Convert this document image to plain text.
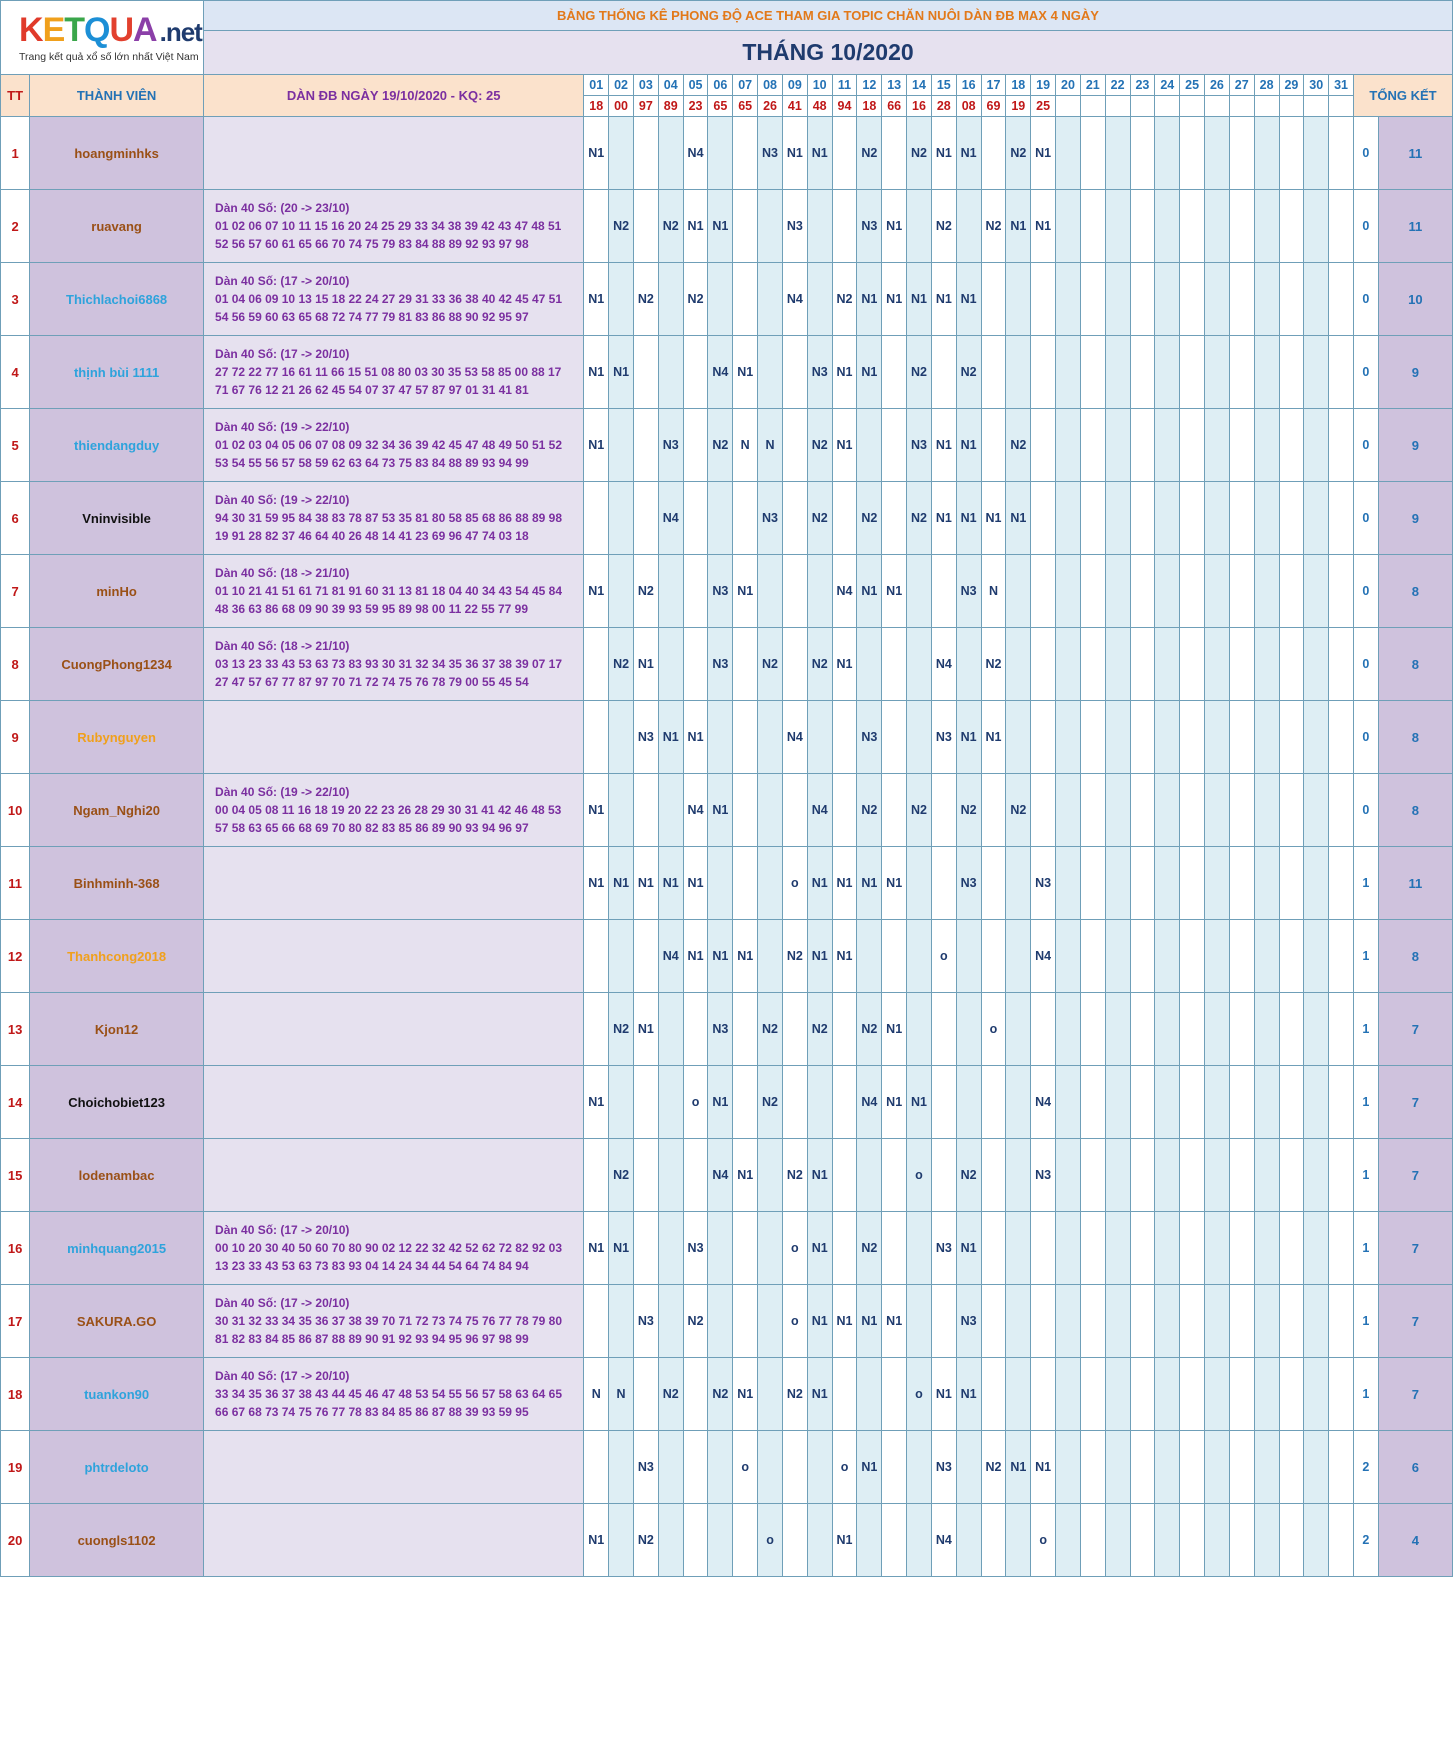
KETQUA .net
Trang kết quả xổ số lớn nhất Việt Nam		BẢNG THỐNG KÊ PHONG ĐỘ ACE THAM GIA TOPIC CHĂN NUÔI DÀN ĐB MAX 4 NGÀY																																	
		THÁNG 10/2020																																	
TT	THÀNH VIÊN	DÀN ĐB NGÀY 19/10/2020 - KQ: 25	01	02	03	04	05	06	07	08	09	10	11	12	13	14	15	16	17	18	19	20	21	22	23	24	25	26	27	28	29	30	31	TỔNG KẾT	
			18	00	97	89	23	65	65	26	41	48	94	18	66	16	28	08	69	19	25														
1	hoangminhks		N1				N4			N3	N1	N1		N2		N2	N1	N1		N2	N1													0	11
2	ruavang	Dàn 40 Số: (20 -> 23/10)
01 02 06 07 10 11 15 16 20 24 25 29 33 34 38 39 42 43 47 48 51
52 56 57 60 61 65 66 70 74 75 79 83 84 88 89 92 93 97 98		N2		N2	N1	N1			N3			N3	N1		N2		N2	N1	N1													0	11
3	Thichlachoi6868	Dàn 40 Số: (17 -> 20/10)
01 04 06 09 10 13 15 18 22 24 27 29 31 33 36 38 40 42 45 47 51
54 56 59 60 63 65 68 72 74 77 79 81 83 86 88 90 92 95 97	N1		N2		N2				N4		N2	N1	N1	N1	N1	N1																0	10
4	thịnh bùi 1111	Dàn 40 Số: (17 -> 20/10)
27 72 22 77 16 61 11 66 15 51 08 80 03 30 35 53 58 85 00 88 17
71 67 76 12 21 26 62 45 54 07 37 47 57 87 97 01 31 41 81	N1	N1				N4	N1			N3	N1	N1		N2		N2																0	9
5	thiendangduy	Dàn 40 Số: (19 -> 22/10)
01 02 03 04 05 06 07 08 09 32 34 36 39 42 45 47 48 49 50 51 52
53 54 55 56 57 58 59 62 63 64 73 75 83 84 88 89 93 94 99	N1			N3		N2	N	N		N2	N1			N3	N1	N1		N2														0	9
6	Vninvisible	Dàn 40 Số: (19 -> 22/10)
94 30 31 59 95 84 38 83 78 87 53 35 81 80 58 85 68 86 88 89 98
19 91 28 82 37 46 64 40 26 48 14 41 23 69 96 47 74 03 18				N4				N3		N2		N2		N2	N1	N1	N1	N1														0	9
7	minHo	Dàn 40 Số: (18 -> 21/10)
01 10 21 41 51 61 71 81 91 60 31 13 81 18 04 40 34 43 54 45 84
48 36 63 86 68 09 90 39 93 59 95 89 98 00 11 22 55 77 99	N1		N2			N3	N1				N4	N1	N1			N3	N															0	8
8	CuongPhong1234	Dàn 40 Số: (18 -> 21/10)
03 13 23 33 43 53 63 73 83 93 30 31 32 34 35 36 37 38 39 07 17
27 47 57 67 77 87 97 70 71 72 74 75 76 78 79 00 55 45 54		N2	N1			N3		N2		N2	N1				N4		N2															0	8
9	Rubynguyen				N3	N1	N1				N4			N3			N3	N1	N1															0	8
10	Ngam_Nghi20	Dàn 40 Số: (19 -> 22/10)
00 04 05 08 11 16 18 19 20 22 23 26 28 29 30 31 41 42 46 48 53
57 58 63 65 66 68 69 70 80 82 83 85 86 89 90 93 94 96 97	N1				N4	N1				N4		N2		N2		N2		N2														0	8
11	Binhminh-368		N1	N1	N1	N1	N1				o	N1	N1	N1	N1			N3			N3													1	11
12	Thanhcong2018					N4	N1	N1	N1		N2	N1	N1				o				N4													1	8
13	Kjon12			N2	N1			N3		N2		N2		N2	N1				o															1	7
14	Choichobiet123		N1				o	N1		N2				N4	N1	N1					N4													1	7
15	lodenambac			N2				N4	N1		N2	N1				o		N2			N3													1	7
16	minhquang2015	Dàn 40 Số: (17 -> 20/10)
00 10 20 30 40 50 60 70 80 90 02 12 22 32 42 52 62 72 82 92 03
13 23 33 43 53 63 73 83 93 04 14 24 34 44 54 64 74 84 94	N1	N1			N3				o	N1		N2			N3	N1																1	7
17	SAKURA.GO	Dàn 40 Số: (17 -> 20/10)
30 31 32 33 34 35 36 37 38 39 70 71 72 73 74 75 76 77 78 79 80
81 82 83 84 85 86 87 88 89 90 91 92 93 94 95 96 97 98 99			N3		N2				o	N1	N1	N1	N1			N3																1	7
18	tuankon90	Dàn 40 Số: (17 -> 20/10)
33 34 35 36 37 38 43 44 45 46 47 48 53 54 55 56 57 58 63 64 65
66 67 68 73 74 75 76 77 78 83 84 85 86 87 88 39 93 59 95	N	N		N2		N2	N1		N2	N1				o	N1	N1																1	7
19	phtrdeloto				N3				o				o	N1			N3		N2	N1	N1													2	6
20	cuongls1102		N1		N2					o			N1				N4				o													2	4
